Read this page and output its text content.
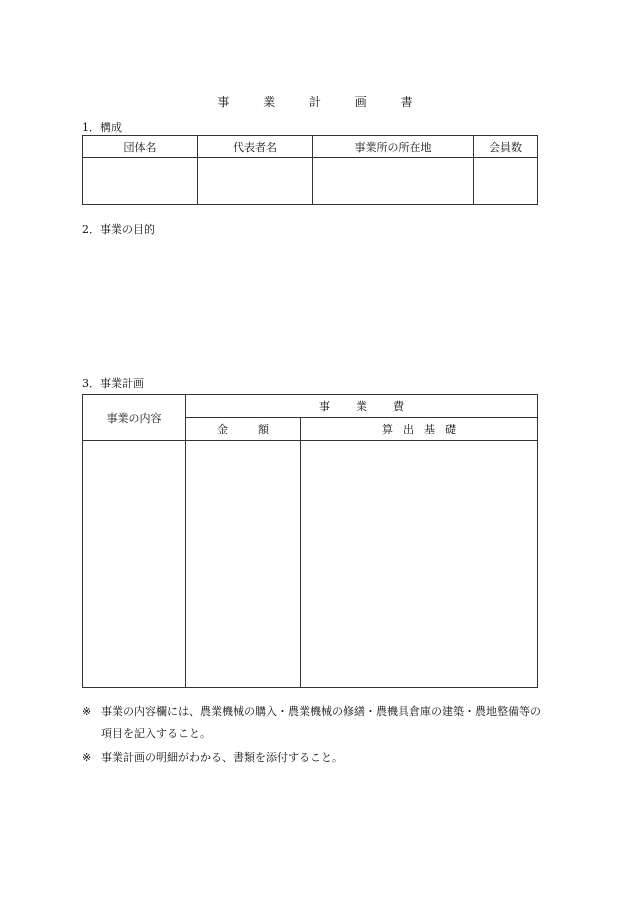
事 業 計 画 書
1．構成
団体名	代表者名	事業所の所在地	会員数

2．事業の目的
3．事業計画
事業の内容	事業費	
	金額	算出基礎

※ 事業の内容欄には、農業機械の購入・農業機械の修繕・農機具倉庫の建築・農地整備等の項目を記入すること。
※ 事業計画の明細がわかる、書類を添付すること。
